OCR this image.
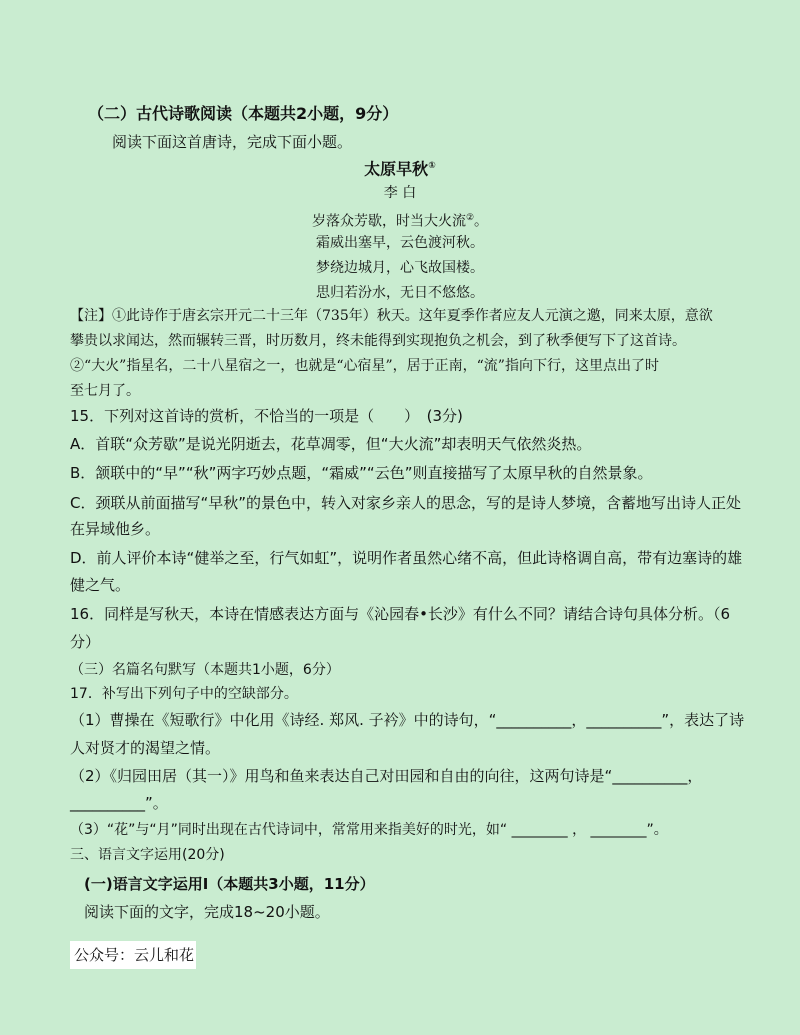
（二）古代诗歌阅读（本题共2小题，9分）
阅读下面这首唐诗，完成下面小题。
太原早秋①
李 白
岁落众芳歇，时当大火流②。
霜威出塞早，云色渡河秋。
梦绕边城月，心飞故国楼。
思归若汾水，无日不悠悠。
【注】①此诗作于唐玄宗开元二十三年（735年）秋天。这年夏季作者应友人元演之邀，同来太原，意欲
攀贵以求闻达，然而辗转三晋，时历数月，终未能得到实现抱负之机会，到了秋季便写下了这首诗。
②“大火”指星名，二十八星宿之一，也就是“心宿星”，居于正南，“流”指向下行，这里点出了时
至七月了。
15．下列对这首诗的赏析，不恰当的一项是（　　）　(3分)
A．首联“众芳歇”是说光阴逝去，花草凋零，但“大火流”却表明天气依然炎热。
B．颔联中的“早”“秋”两字巧妙点题，“霜威”“云色”则直接描写了太原早秋的自然景象。
C．颈联从前面描写“早秋”的景色中，转入对家乡亲人的思念，写的是诗人梦境，含蓄地写出诗人正处
在异域他乡。
D．前人评价本诗“健举之至，行气如虹”，说明作者虽然心绪不高，但此诗格调自高，带有边塞诗的雄
健之气。
16．同样是写秋天，本诗在情感表达方面与《沁园春•长沙》有什么不同？请结合诗句具体分析。（6
分）
（三）名篇名句默写（本题共1小题，6分）
17．补写出下列句子中的空缺部分。
（1）曹操在《短歌行》中化用《诗经. 郑风. 子衿》中的诗句，“__________，__________”，表达了诗
人对贤才的渴望之情。
（2）《归园田居（其一）》用鸟和鱼来表达自己对田园和自由的向往，这两句诗是“__________，
__________”。
（3）“花”与“月”同时出现在古代诗词中，常常用来指美好的时光，如“ ________ ， ________”。
三、语言文字运用(20分)
(一)语言文字运用Ⅰ（本题共3小题，11分）
阅读下面的文字，完成18~20小题。
公众号：云儿和花
